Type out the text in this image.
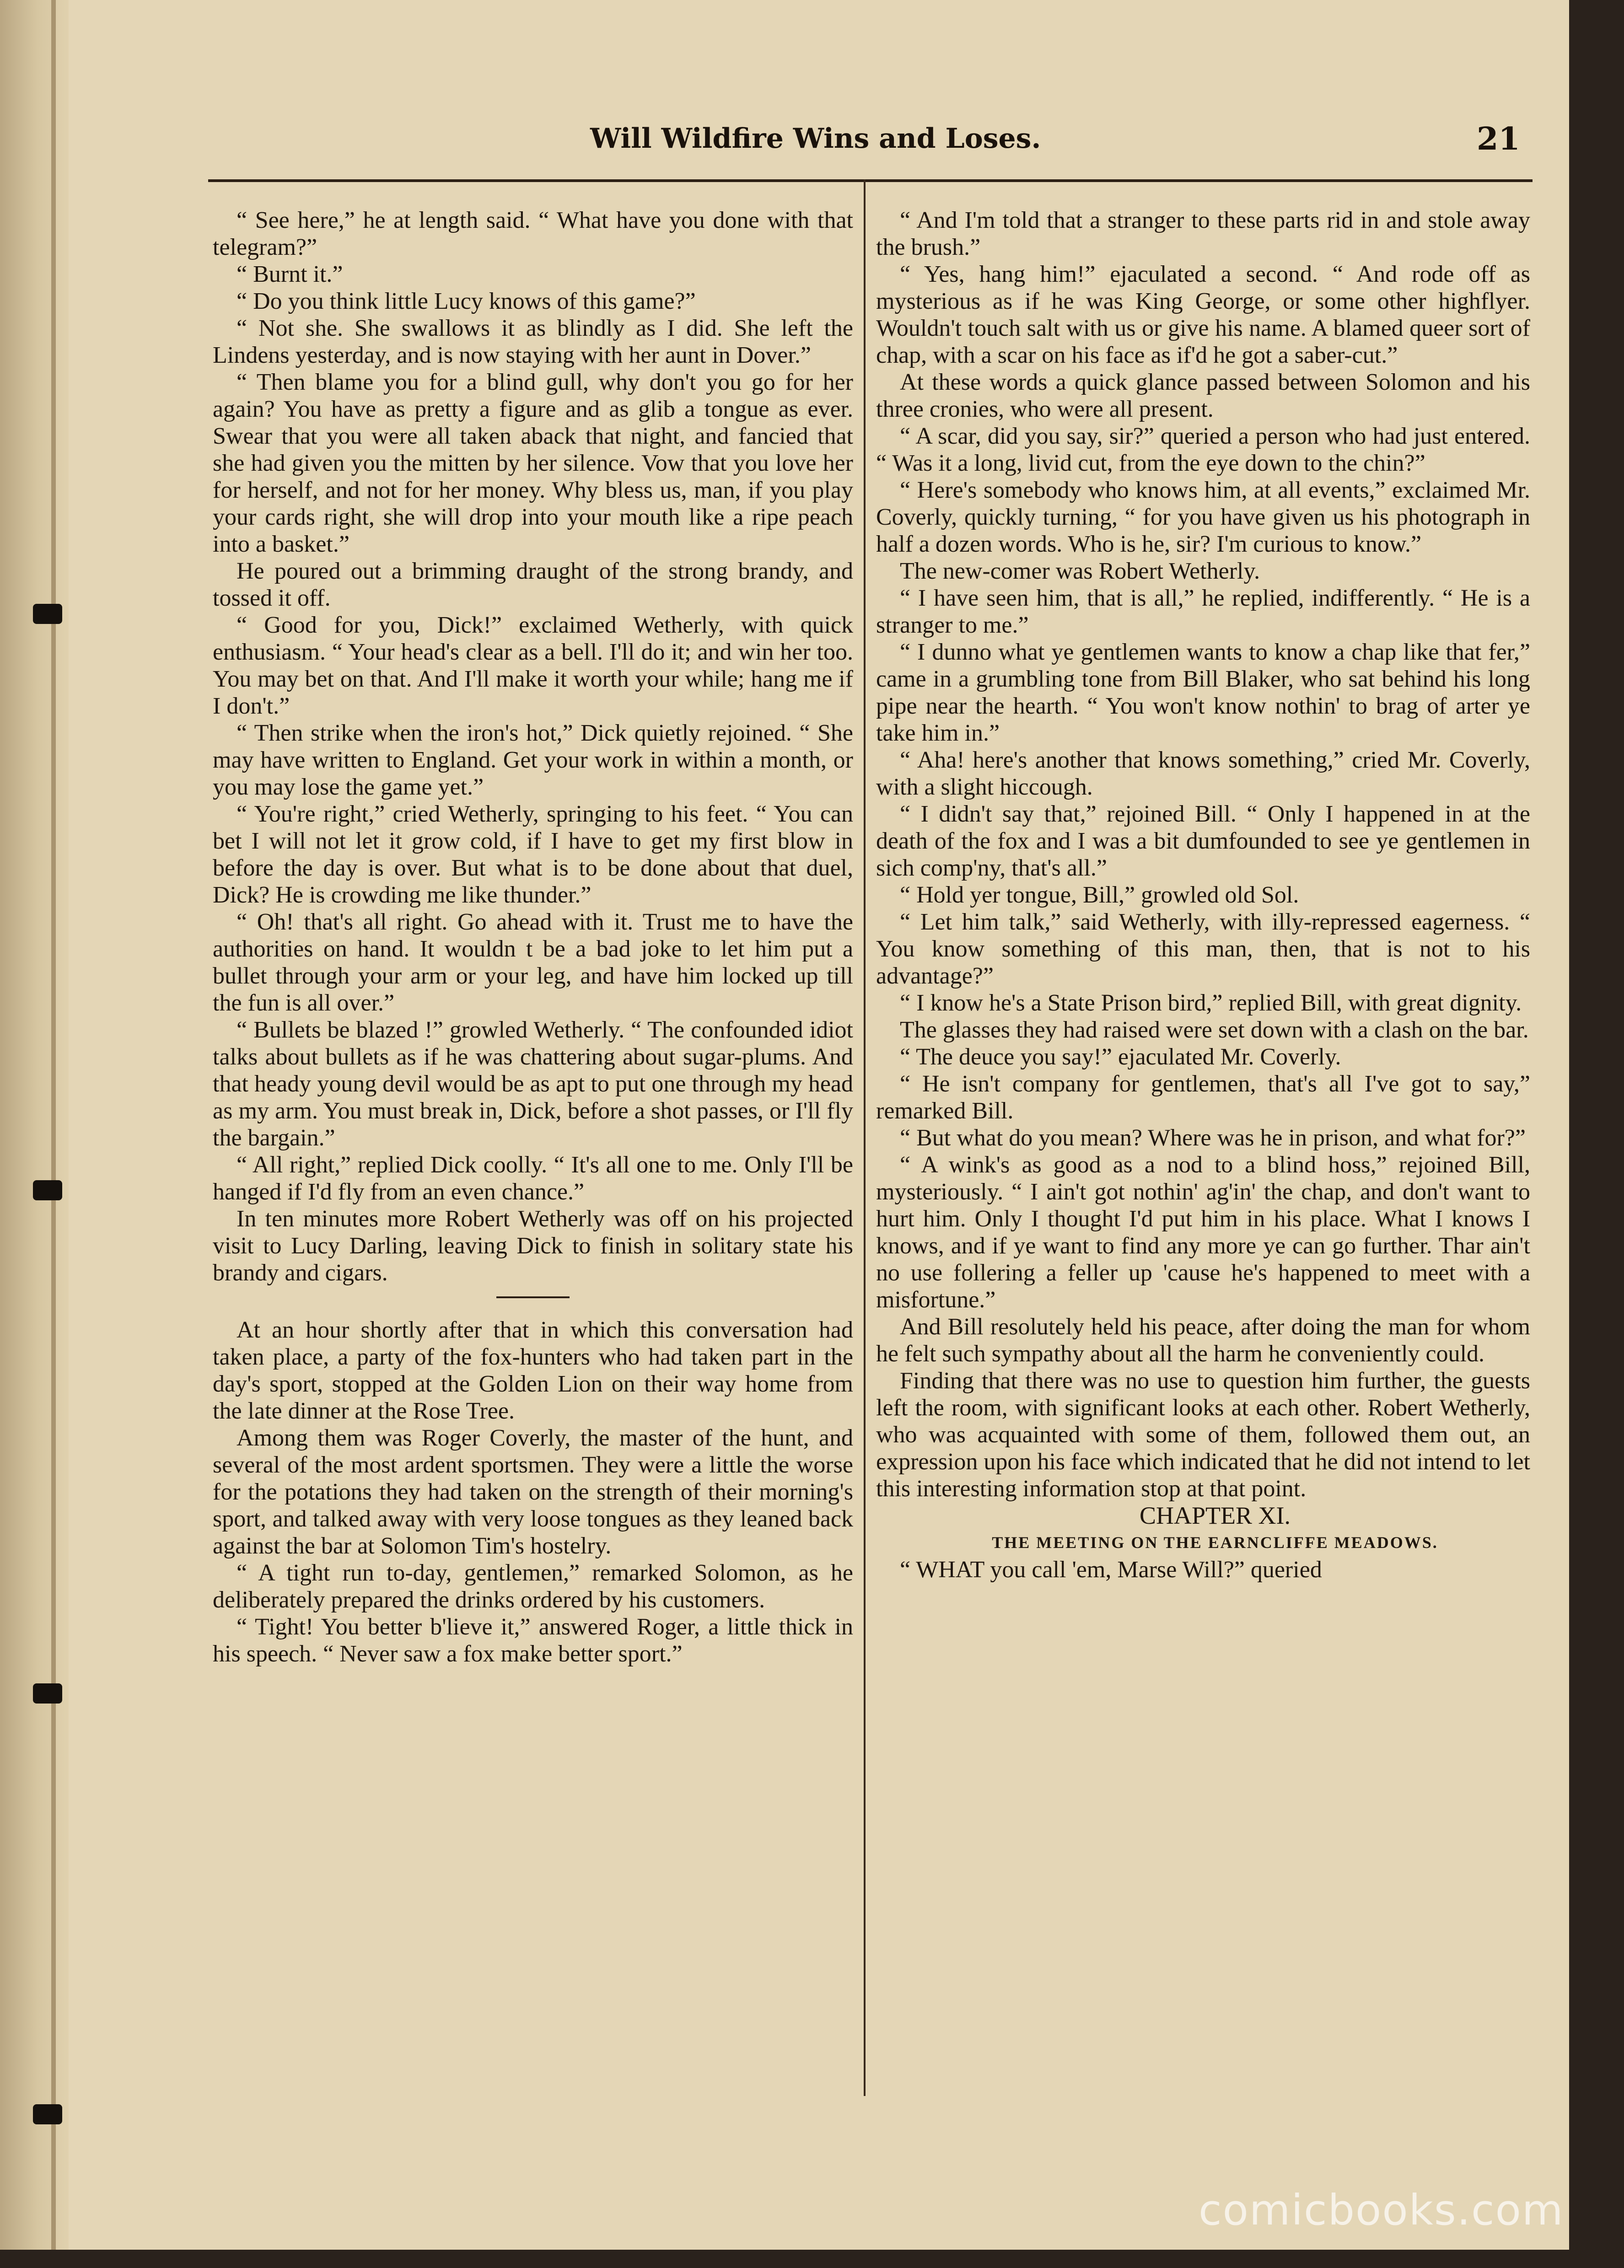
Will Wildfire Wins and Loses.	21

“ See here,” he at length said. “ What have you done with that telegram?”

“ Burnt it.”

“ Do you think little Lucy knows of this game?”

“ Not she. She swallows it as blindly as I did. She left the Lindens yesterday, and is now staying with her aunt in Dover.”

“ Then blame you for a blind gull, why don't you go for her again? You have as pretty a figure and as glib a tongue as ever. Swear that you were all taken aback that night, and fancied that she had given you the mitten by her silence. Vow that you love her for herself, and not for her money. Why bless us, man, if you play your cards right, she will drop into your mouth like a ripe peach into a basket.”

He poured out a brimming draught of the strong brandy, and tossed it off.

“ Good for you, Dick!” exclaimed Wetherly, with quick enthusiasm. “ Your head's clear as a bell. I'll do it; and win her too. You may bet on that. And I'll make it worth your while; hang me if I don't.”

“ Then strike when the iron's hot,” Dick quietly rejoined. “ She may have written to England. Get your work in within a month, or you may lose the game yet.”

“ You're right,” cried Wetherly, springing to his feet. “ You can bet I will not let it grow cold, if I have to get my first blow in before the day is over. But what is to be done about that duel, Dick? He is crowding me like thunder.”

“ Oh! that's all right. Go ahead with it. Trust me to have the authorities on hand. It wouldn t be a bad joke to let him put a bullet through your arm or your leg, and have him locked up till the fun is all over.”

“ Bullets be blazed !” growled Wetherly. “ The confounded idiot talks about bullets as if he was chattering about sugar-plums. And that heady young devil would be as apt to put one through my head as my arm. You must break in, Dick, before a shot passes, or I'll fly the bargain.”

“ All right,” replied Dick coolly. “ It's all one to me. Only I'll be hanged if I'd fly from an even chance.”

In ten minutes more Robert Wetherly was off on his projected visit to Lucy Darling, leaving Dick to finish in solitary state his brandy and cigars.

At an hour shortly after that in which this conversation had taken place, a party of the fox-hunters who had taken part in the day's sport, stopped at the Golden Lion on their way home from the late dinner at the Rose Tree.

Among them was Roger Coverly, the master of the hunt, and several of the most ardent sportsmen. They were a little the worse for the potations they had taken on the strength of their morning's sport, and talked away with very loose tongues as they leaned back against the bar at Solomon Tim's hostelry.

“ A tight run to-day, gentlemen,” remarked Solomon, as he deliberately prepared the drinks ordered by his customers.

“ Tight! You better b'lieve it,” answered Roger, a little thick in his speech. “ Never saw a fox make better sport.”

“ And I'm told that a stranger to these parts rid in and stole away the brush.”

“ Yes, hang him!” ejaculated a second. “ And rode off as mysterious as if he was King George, or some other highflyer. Wouldn't touch salt with us or give his name. A blamed queer sort of chap, with a scar on his face as if'd he got a saber-cut.”

At these words a quick glance passed between Solomon and his three cronies, who were all present.

“ A scar, did you say, sir?” queried a person who had just entered. “ Was it a long, livid cut, from the eye down to the chin?”

“ Here's somebody who knows him, at all events,” exclaimed Mr. Coverly, quickly turning, “ for you have given us his photograph in half a dozen words. Who is he, sir? I'm curious to know.”

The new-comer was Robert Wetherly.

“ I have seen him, that is all,” he replied, indifferently. “ He is a stranger to me.”

“ I dunno what ye gentlemen wants to know a chap like that fer,” came in a grumbling tone from Bill Blaker, who sat behind his long pipe near the hearth. “ You won't know nothin' to brag of arter ye take him in.”

“ Aha! here's another that knows something,” cried Mr. Coverly, with a slight hiccough.

“ I didn't say that,” rejoined Bill. “ Only I happened in at the death of the fox and I was a bit dumfounded to see ye gentlemen in sich comp'ny, that's all.”

“ Hold yer tongue, Bill,” growled old Sol.

“ Let him talk,” said Wetherly, with illy-repressed eagerness. “ You know something of this man, then, that is not to his advantage?”

“ I know he's a State Prison bird,” replied Bill, with great dignity.

The glasses they had raised were set down with a clash on the bar.

“ The deuce you say!” ejaculated Mr. Coverly.

“ He isn't company for gentlemen, that's all I've got to say,” remarked Bill.

“ But what do you mean? Where was he in prison, and what for?”

“ A wink's as good as a nod to a blind hoss,” rejoined Bill, mysteriously. “ I ain't got nothin' ag'in' the chap, and don't want to hurt him. Only I thought I'd put him in his place. What I knows I knows, and if ye want to find any more ye can go further. Thar ain't no use follering a feller up 'cause he's happened to meet with a misfortune.”

And Bill resolutely held his peace, after doing the man for whom he felt such sympathy about all the harm he conveniently could.

Finding that there was no use to question him further, the guests left the room, with significant looks at each other. Robert Wetherly, who was acquainted with some of them, followed them out, an expression upon his face which indicated that he did not intend to let this interesting information stop at that point.

CHAPTER XI.

THE MEETING ON THE EARNCLIFFE MEADOWS.

“ WHAT you call 'em, Marse Will?” queried

comicbooks.com
